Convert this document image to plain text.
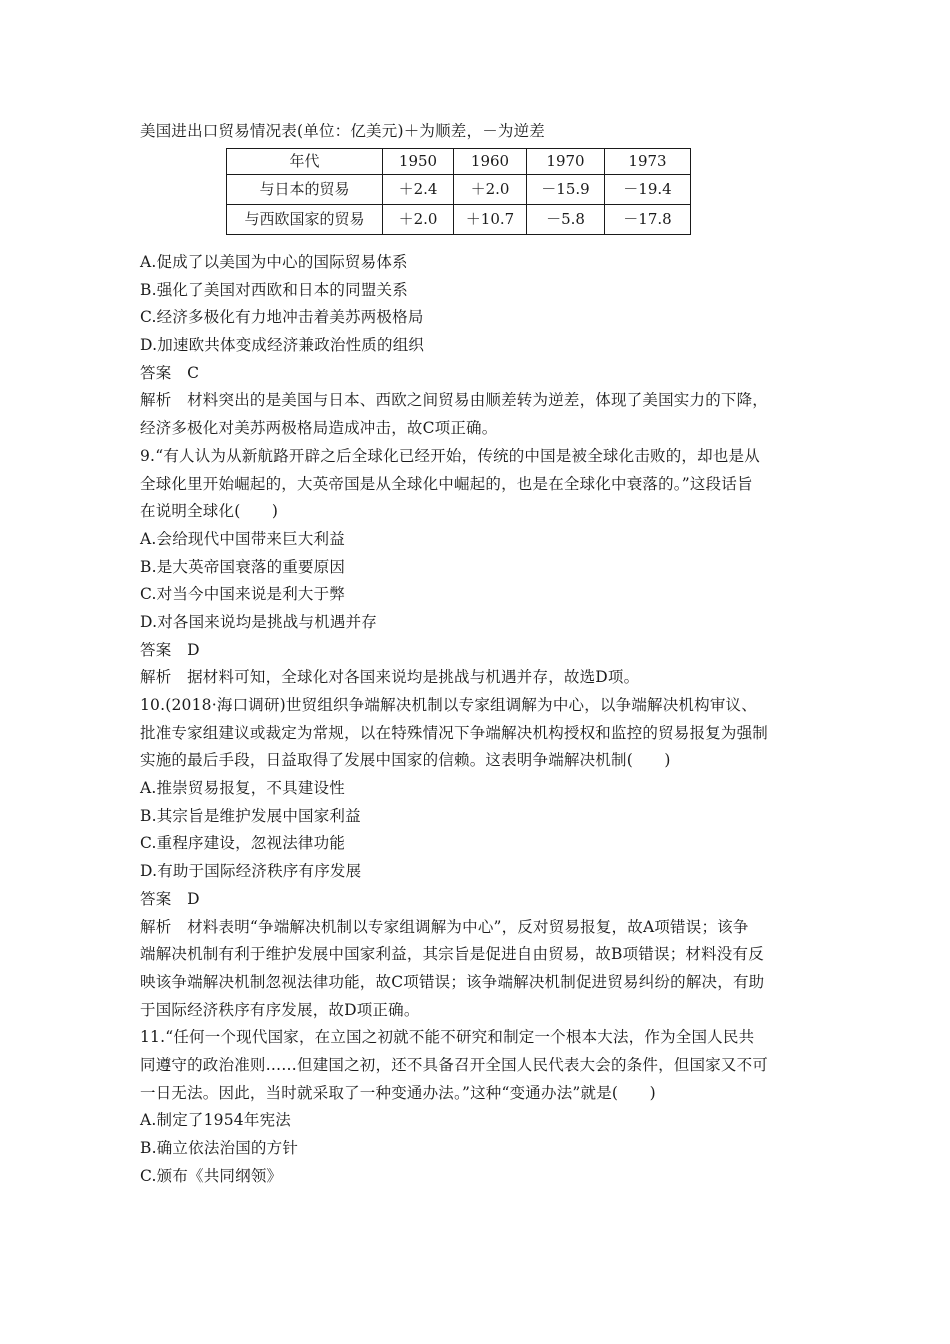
美国进出口贸易情况表(单位：亿美元)＋为顺差，－为逆差
年代	1950	1960	1970	1973
与日本的贸易	＋2.4	＋2.0	－15.9	－19.4
与西欧国家的贸易	＋2.0	＋10.7	－5.8	－17.8
A.促成了以美国为中心的国际贸易体系
B.强化了美国对西欧和日本的同盟关系
C.经济多极化有力地冲击着美苏两极格局
D.加速欧共体变成经济兼政治性质的组织
答案　C
解析　材料突出的是美国与日本、西欧之间贸易由顺差转为逆差，体现了美国实力的下降，
经济多极化对美苏两极格局造成冲击，故C项正确。
9.“有人认为从新航路开辟之后全球化已经开始，传统的中国是被全球化击败的，却也是从
全球化里开始崛起的，大英帝国是从全球化中崛起的，也是在全球化中衰落的。”这段话旨
在说明全球化(　　)
A.会给现代中国带来巨大利益
B.是大英帝国衰落的重要原因
C.对当今中国来说是利大于弊
D.对各国来说均是挑战与机遇并存
答案　D
解析　据材料可知，全球化对各国来说均是挑战与机遇并存，故选D项。
10.(2018·海口调研)世贸组织争端解决机制以专家组调解为中心，以争端解决机构审议、
批准专家组建议或裁定为常规，以在特殊情况下争端解决机构授权和监控的贸易报复为强制
实施的最后手段，日益取得了发展中国家的信赖。这表明争端解决机制(　　)
A.推崇贸易报复，不具建设性
B.其宗旨是维护发展中国家利益
C.重程序建设，忽视法律功能
D.有助于国际经济秩序有序发展
答案　D
解析　材料表明“争端解决机制以专家组调解为中心”，反对贸易报复，故A项错误；该争
端解决机制有利于维护发展中国家利益，其宗旨是促进自由贸易，故B项错误；材料没有反
映该争端解决机制忽视法律功能，故C项错误；该争端解决机制促进贸易纠纷的解决，有助
于国际经济秩序有序发展，故D项正确。
11.“任何一个现代国家，在立国之初就不能不研究和制定一个根本大法，作为全国人民共
同遵守的政治准则……但建国之初，还不具备召开全国人民代表大会的条件，但国家又不可
一日无法。因此，当时就采取了一种变通办法。”这种“变通办法”就是(　　)
A.制定了1954年宪法
B.确立依法治国的方针
C.颁布《共同纲领》
